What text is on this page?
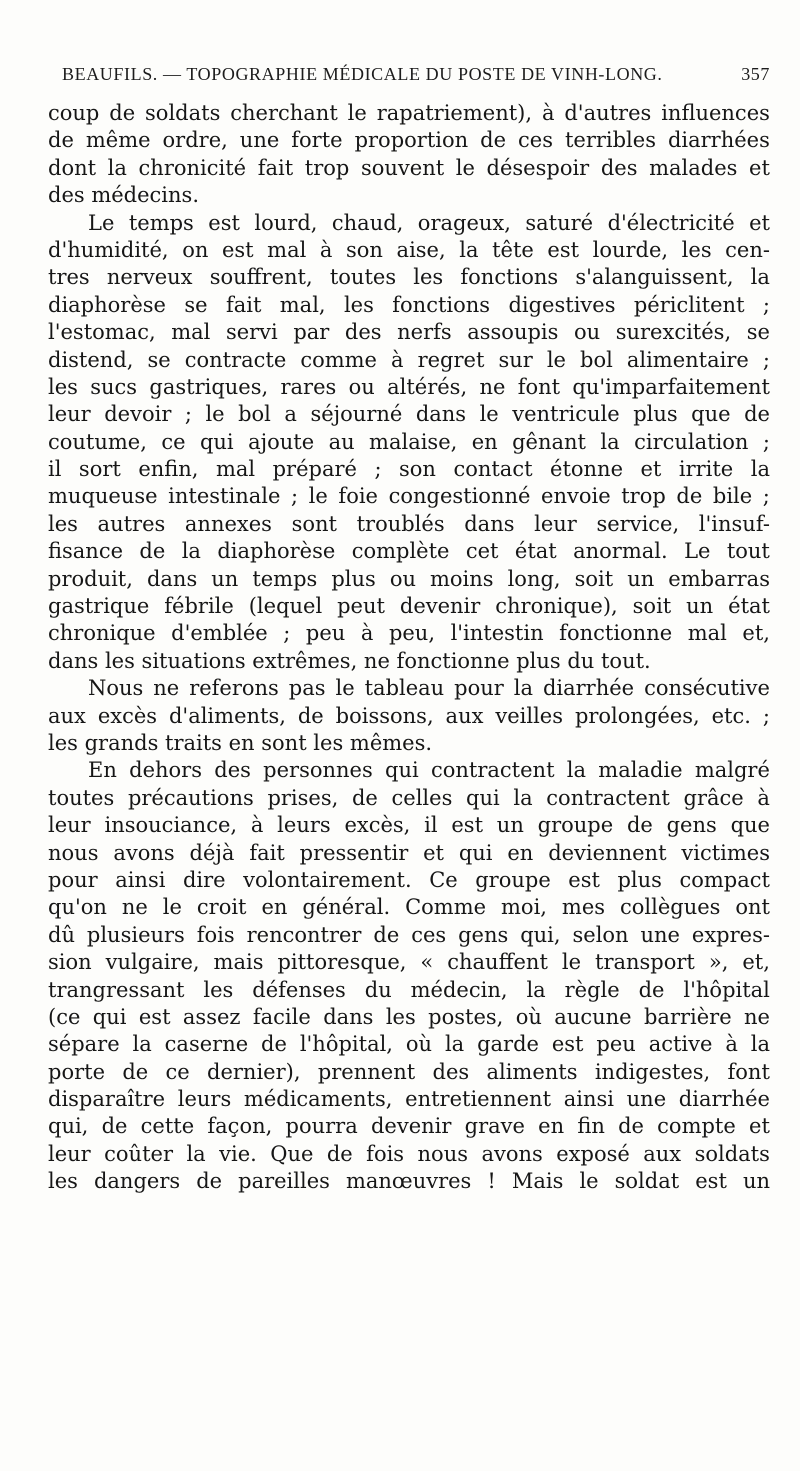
BEAUFILS. — TOPOGRAPHIE MÉDICALE DU POSTE DE VINH-LONG.	357
coup de soldats cherchant le rapatriement), à d'autres influences
de même ordre, une forte proportion de ces terribles diarrhées
dont la chronicité fait trop souvent le désespoir des malades et
des médecins.
Le temps est lourd, chaud, orageux, saturé d'électricité et
d'humidité, on est mal à son aise, la tête est lourde, les cen-
tres nerveux souffrent, toutes les fonctions s'alanguissent, la
diaphorèse se fait mal, les fonctions digestives périclitent ;
l'estomac, mal servi par des nerfs assoupis ou surexcités, se
distend, se contracte comme à regret sur le bol alimentaire ;
les sucs gastriques, rares ou altérés, ne font qu'imparfaitement
leur devoir ; le bol a séjourné dans le ventricule plus que de
coutume, ce qui ajoute au malaise, en gênant la circulation ;
il sort enfin, mal préparé ; son contact étonne et irrite la
muqueuse intestinale ; le foie congestionné envoie trop de bile ;
les autres annexes sont troublés dans leur service, l'insuf-
fisance de la diaphorèse complète cet état anormal. Le tout
produit, dans un temps plus ou moins long, soit un embarras
gastrique fébrile (lequel peut devenir chronique), soit un état
chronique d'emblée ; peu à peu, l'intestin fonctionne mal et,
dans les situations extrêmes, ne fonctionne plus du tout.
Nous ne referons pas le tableau pour la diarrhée consécutive
aux excès d'aliments, de boissons, aux veilles prolongées, etc. ;
les grands traits en sont les mêmes.
En dehors des personnes qui contractent la maladie malgré
toutes précautions prises, de celles qui la contractent grâce à
leur insouciance, à leurs excès, il est un groupe de gens que
nous avons déjà fait pressentir et qui en deviennent victimes
pour ainsi dire volontairement. Ce groupe est plus compact
qu'on ne le croit en général. Comme moi, mes collègues ont
dû plusieurs fois rencontrer de ces gens qui, selon une expres-
sion vulgaire, mais pittoresque, « chauffent le transport », et,
trangressant les défenses du médecin, la règle de l'hôpital
(ce qui est assez facile dans les postes, où aucune barrière ne
sépare la caserne de l'hôpital, où la garde est peu active à la
porte de ce dernier), prennent des aliments indigestes, font
disparaître leurs médicaments, entretiennent ainsi une diarrhée
qui, de cette façon, pourra devenir grave en fin de compte et
leur coûter la vie. Que de fois nous avons exposé aux soldats
les dangers de pareilles manœuvres ! Mais le soldat est un
